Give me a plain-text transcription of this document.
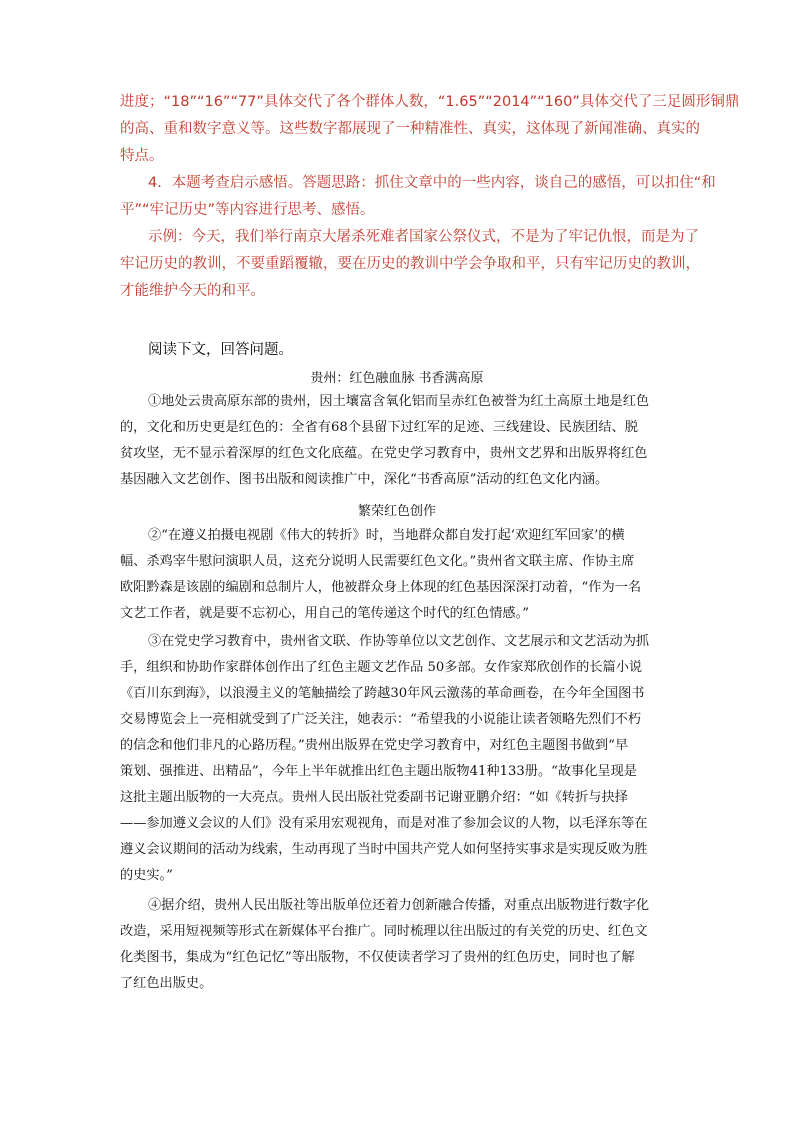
进度；“18”“16”“77”具体交代了各个群体人数，“1.65”“2014”“160”具体交代了三足圆形铜鼎
的高、重和数字意义等。这些数字都展现了一种精准性、真实，这体现了新闻准确、真实的
特点。
4．本题考查启示感悟。答题思路：抓住文章中的一些内容，谈自己的感悟，可以扣住“和
平”“牢记历史”等内容进行思考、感悟。
示例：今天，我们举行南京大屠杀死难者国家公祭仪式，不是为了牢记仇恨，而是为了
牢记历史的教训，不要重蹈覆辙，要在历史的教训中学会争取和平，只有牢记历史的教训，
才能维护今天的和平。

阅读下文，回答问题。

贵州：红色融血脉 书香满高原

①地处云贵高原东部的贵州，因土壤富含氧化铝而呈赤红色被誉为红土高原土地是红色
的，文化和历史更是红色的：全省有68个县留下过红军的足迹、三线建设、民族团结、脱
贫攻坚，无不显示着深厚的红色文化底蕴。在党史学习教育中，贵州文艺界和出版界将红色
基因融入文艺创作、图书出版和阅读推广中，深化“书香高原”活动的红色文化内涵。

繁荣红色创作

②“在遵义拍摄电视剧《伟大的转折》时，当地群众都自发打起‘欢迎红军回家’的横
幅、杀鸡宰牛慰问演职人员，这充分说明人民需要红色文化。”贵州省文联主席、作协主席
欧阳黔森是该剧的编剧和总制片人，他被群众身上体现的红色基因深深打动着，“作为一名
文艺工作者，就是要不忘初心，用自己的笔传递这个时代的红色情感。”
③在党史学习教育中，贵州省文联、作协等单位以文艺创作、文艺展示和文艺活动为抓
手，组织和协助作家群体创作出了红色主题文艺作品 50多部。女作家郑欣创作的长篇小说
《百川东到海》，以浪漫主义的笔触描绘了跨越30年风云激荡的革命画卷，在今年全国图书
交易博览会上一亮相就受到了广泛关注，她表示：“希望我的小说能让读者领略先烈们不朽
的信念和他们非凡的心路历程。”贵州出版界在党史学习教育中，对红色主题图书做到“早
策划、强推进、出精品”，今年上半年就推出红色主题出版物41种133册。“故事化呈现是
这批主题出版物的一大亮点。贵州人民出版社党委副书记谢亚鹏介绍：“如《转折与抉择
——参加遵义会议的人们》没有采用宏观视角，而是对准了参加会议的人物，以毛泽东等在
遵义会议期间的活动为线索，生动再现了当时中国共产党人如何坚持实事求是实现反败为胜
的史实。”
④据介绍，贵州人民出版社等出版单位还着力创新融合传播，对重点出版物进行数字化
改造，采用短视频等形式在新媒体平台推广。同时梳理以往出版过的有关党的历史、红色文
化类图书，集成为“红色记忆”等出版物，不仅使读者学习了贵州的红色历史，同时也了解
了红色出版史。
